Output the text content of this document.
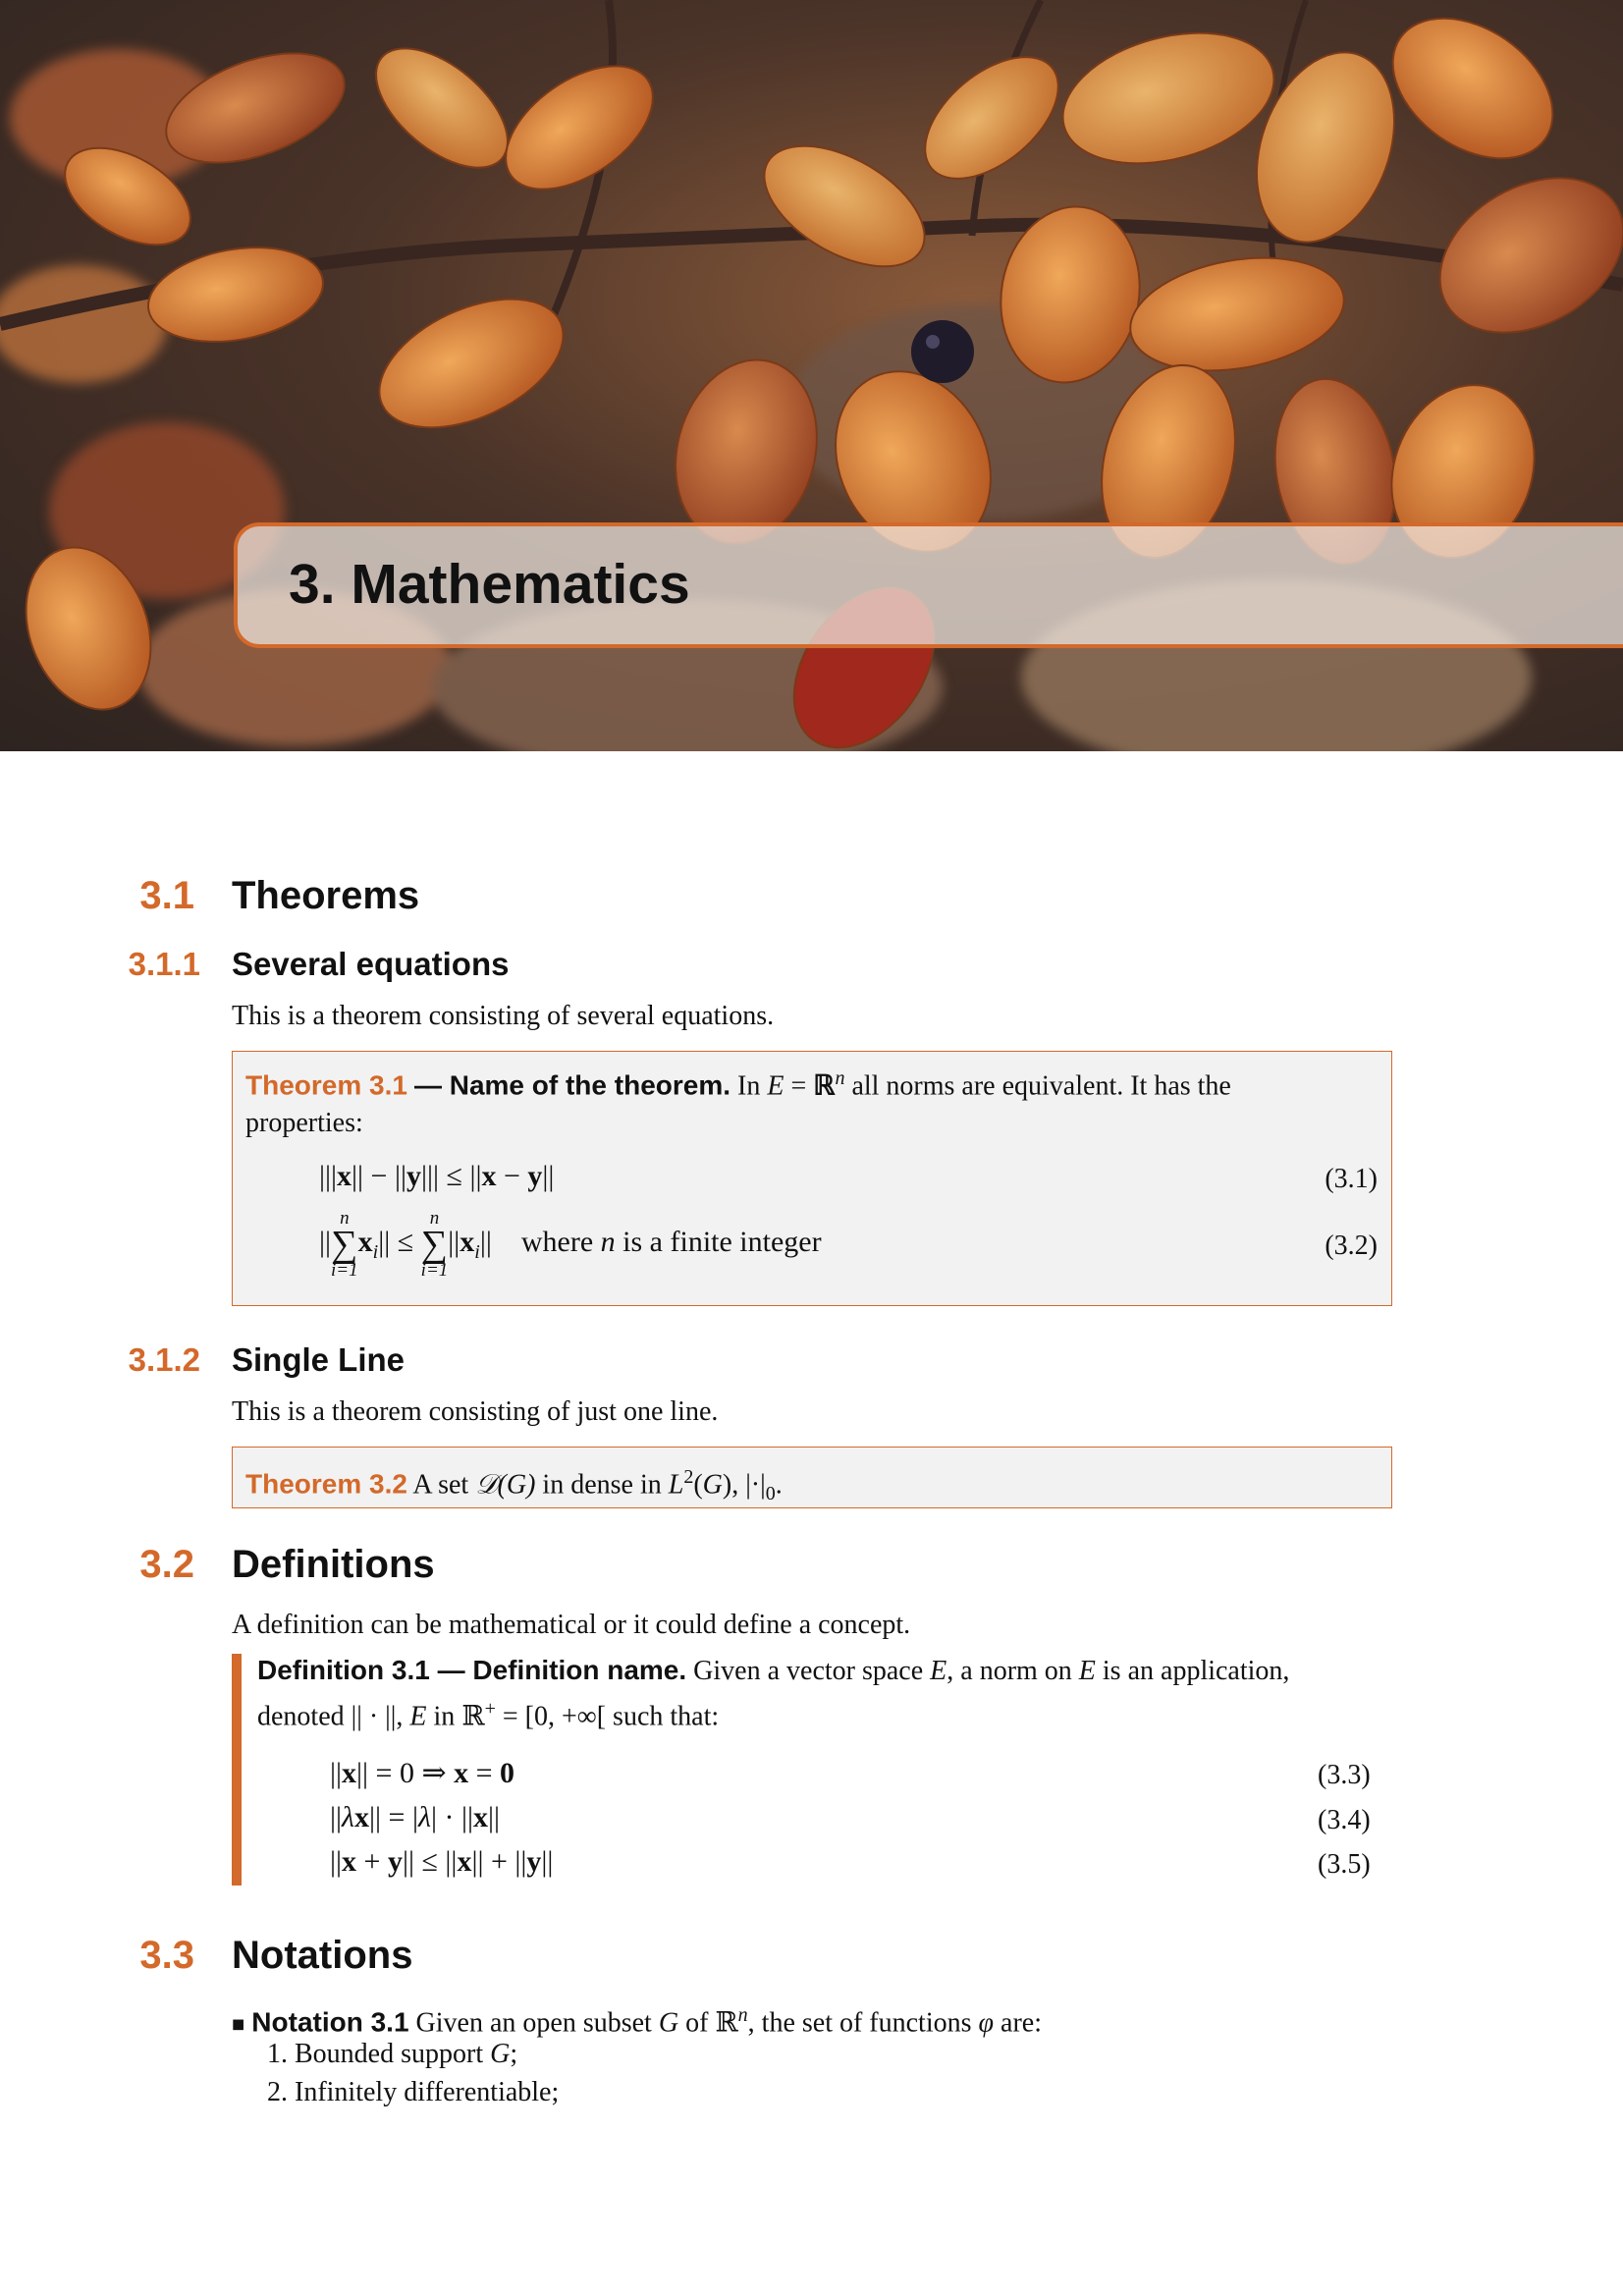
3. Mathematics
3.1 Theorems
3.1.1 Several equations
This is a theorem consisting of several equations.
Theorem 3.1 — Name of the theorem. In E = ℝ$^n$ all norms are equivalent. It has the
properties:
|||x|| − ||y||| ≤ ||x − y||	(3.1)
||
n
∑
i=1
$x_i||$ ≤
n
∑
i=1
$||x_i||$    where n is a finite integer	(3.2)
3.1.2 Single Line
This is a theorem consisting of just one line.
Theorem 3.2 A set 𝒟(G) in dense in $L^2(G)$, $|\cdot|_0$.
3.2 Definitions
A definition can be mathematical or it could define a concept.
Definition 3.1 — Definition name. Given a vector space E, a norm on E is an application,
denoted || · ||, E in ℝ+ = [0, +∞[ such that:
||x|| = 0 ⇒ x = 0	(3.3)
||λx|| = |λ| · ||x||	(3.4)
||x + y|| ≤ ||x|| + ||y||	(3.5)
3.3 Notations
■ Notation 3.1 Given an open subset G of ℝ$^n$, the set of functions φ are:
1. Bounded support G;
2. Infinitely differentiable;
